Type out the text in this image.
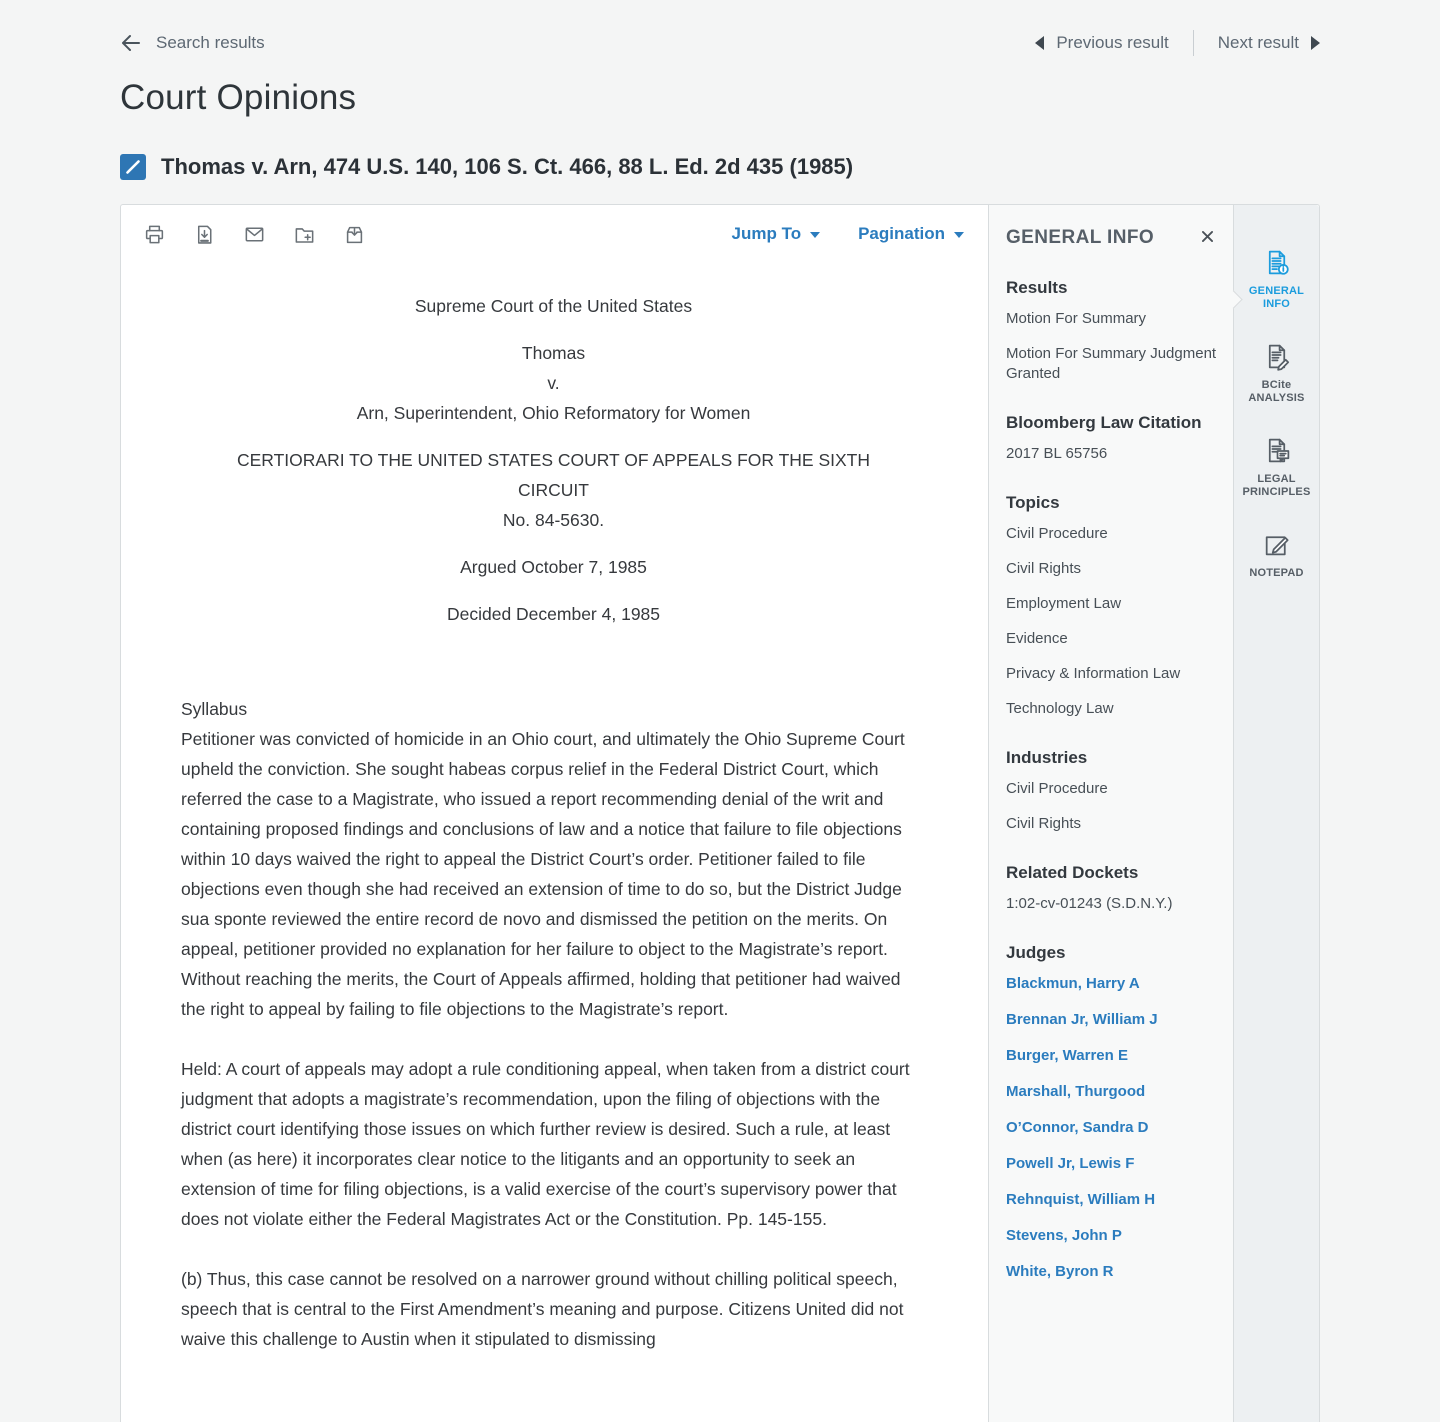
Search results	Previous result	Next result
Court Opinions
Thomas v. Arn, 474 U.S. 140, 106 S. Ct. 466, 88 L. Ed. 2d 435 (1985)
Jump To	Pagination
Supreme Court of the United States
Thomas
v.
Arn, Superintendent, Ohio Reformatory for Women
CERTIORARI TO THE UNITED STATES COURT OF APPEALS FOR THE SIXTH
CIRCUIT
No. 84-5630.
Argued October 7, 1985
Decided December 4, 1985
Syllabus
Petitioner was convicted of homicide in an Ohio court, and ultimately the Ohio Supreme Court upheld the conviction. She sought habeas corpus relief in the Federal District Court, which referred the case to a Magistrate, who issued a report recommending denial of the writ and containing proposed findings and conclusions of law and a notice that failure to file objections within 10 days waived the right to appeal the District Court’s order. Petitioner failed to file objections even though she had received an extension of time to do so, but the District Judge sua sponte reviewed the entire record de novo and dismissed the petition on the merits. On appeal, petitioner provided no explanation for her failure to object to the Magistrate’s report. Without reaching the merits, the Court of Appeals affirmed, holding that petitioner had waived the right to appeal by failing to file objections to the Magistrate’s report.

Held: A court of appeals may adopt a rule conditioning appeal, when taken from a district court judgment that adopts a magistrate’s recommendation, upon the filing of objections with the district court identifying those issues on which further review is desired. Such a rule, at least when (as here) it incorporates clear notice to the litigants and an opportunity to seek an extension of time for filing objections, is a valid exercise of the court’s supervisory power that does not violate either the Federal Magistrates Act or the Constitution. Pp. 145-155.

(b) Thus, this case cannot be resolved on a narrower ground without chilling political speech, speech that is central to the First Amendment’s meaning and purpose. Citizens United did not waive this challenge to Austin when it stipulated to dismissing

GENERAL INFO
Results
Motion For Summary
Motion For Summary Judgment Granted
Bloomberg Law Citation
2017 BL 65756
Topics
Civil Procedure
Civil Rights
Employment Law
Evidence
Privacy & Information Law
Technology Law
Industries
Civil Procedure
Civil Rights
Related Dockets
1:02-cv-01243 (S.D.N.Y.)
Judges
Blackmun, Harry A
Brennan Jr, William J
Burger, Warren E
Marshall, Thurgood
O’Connor, Sandra D
Powell Jr, Lewis F
Rehnquist, William H
Stevens, John P
White, Byron R
GENERAL INFO
BCite ANALYSIS
LEGAL PRINCIPLES
NOTEPAD
